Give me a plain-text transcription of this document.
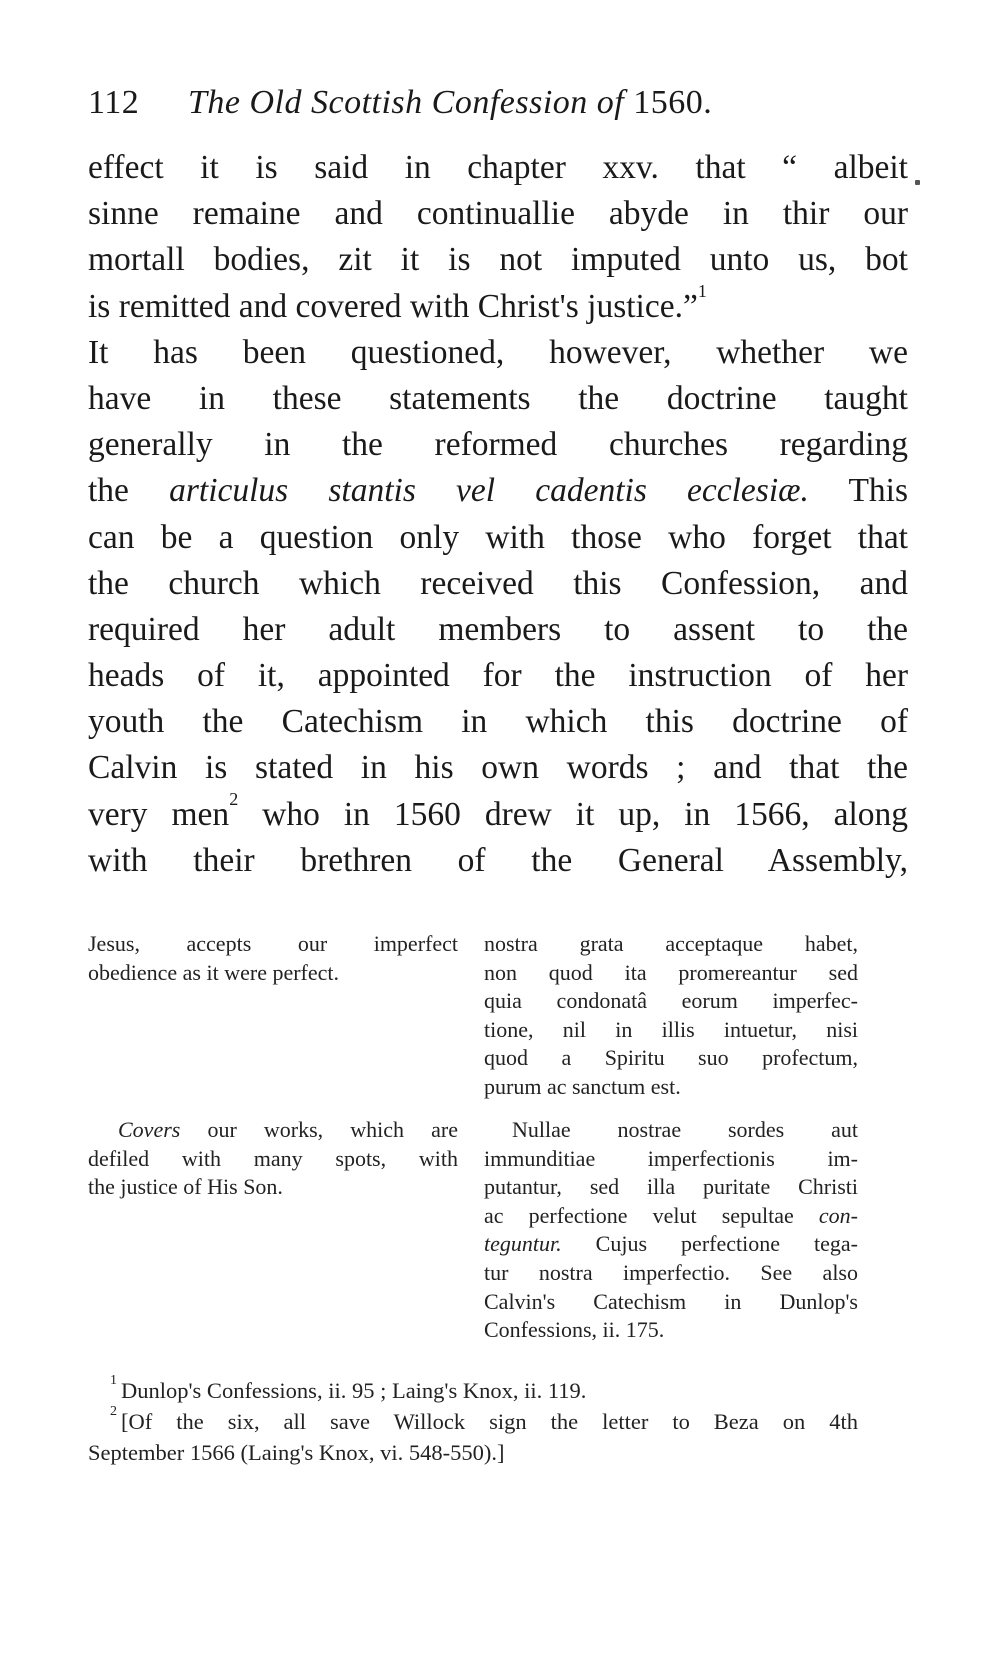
112 The Old Scottish Confession of 1560.
effect it is said in chapter xxv. that “ albeit
sinne remaine and continuallie abyde in thir our
mortall bodies, zit it is not imputed unto us, bot
is remitted and covered with Christ's justice.”$^1$
It has been questioned, however, whether we
have in these statements the doctrine taught
generally in the reformed churches regarding
the articulus stantis vel cadentis ecclesiæ. This
can be a question only with those who forget that
the church which received this Confession, and
required her adult members to assent to the
heads of it, appointed for the instruction of her
youth the Catechism in which this doctrine of
Calvin is stated in his own words ; and that the
very men$^2$ who in 1560 drew it up, in 1566, along
with their brethren of the General Assembly,
Jesus, accepts our imperfect
obedience as it were perfect.
Covers our works, which are
defiled with many spots, with
the justice of His Son.
nostra grata acceptaque habet,
non quod ita promereantur sed
quia condonatâ eorum imperfec-
tione, nil in illis intuetur, nisi
quod a Spiritu suo profectum,
purum ac sanctum est.
Nullae nostrae sordes aut
immunditiae imperfectionis im-
putantur, sed illa puritate Christi
ac perfectione velut sepultae con-
teguntur. Cujus perfectione tega-
tur nostra imperfectio. See also
Calvin's Catechism in Dunlop's
Confessions, ii. 175.
$^1$ Dunlop's Confessions, ii. 95 ; Laing's Knox, ii. 119.
$^2$ [Of the six, all save Willock sign the letter to Beza on 4th
September 1566 (Laing's Knox, vi. 548-550).]
